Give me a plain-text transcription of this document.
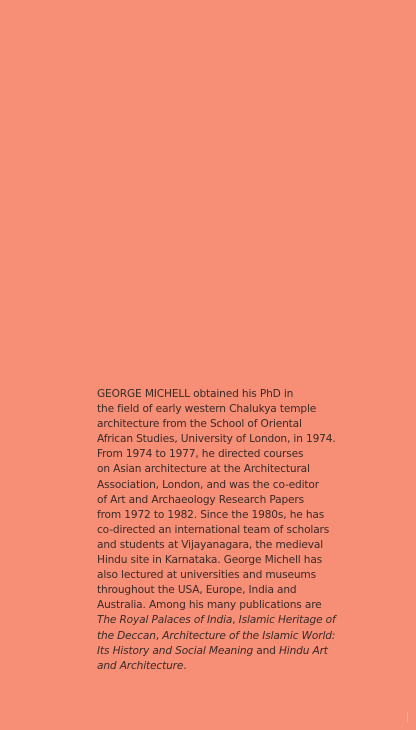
GEORGE MICHELL obtained his PhD in
the field of early western Chalukya temple
architecture from the School of Oriental
African Studies, University of London, in 1974.
From 1974 to 1977, he directed courses
on Asian architecture at the Architectural
Association, London, and was the co-editor
of Art and Archaeology Research Papers
from 1972 to 1982. Since the 1980s, he has
co-directed an international team of scholars
and students at Vijayanagara, the medieval
Hindu site in Karnataka. George Michell has
also lectured at universities and museums
throughout the USA, Europe, India and
Australia. Among his many publications are
The Royal Palaces of India, Islamic Heritage of
the Deccan, Architecture of the Islamic World:
Its History and Social Meaning and Hindu Art
and Architecture.
